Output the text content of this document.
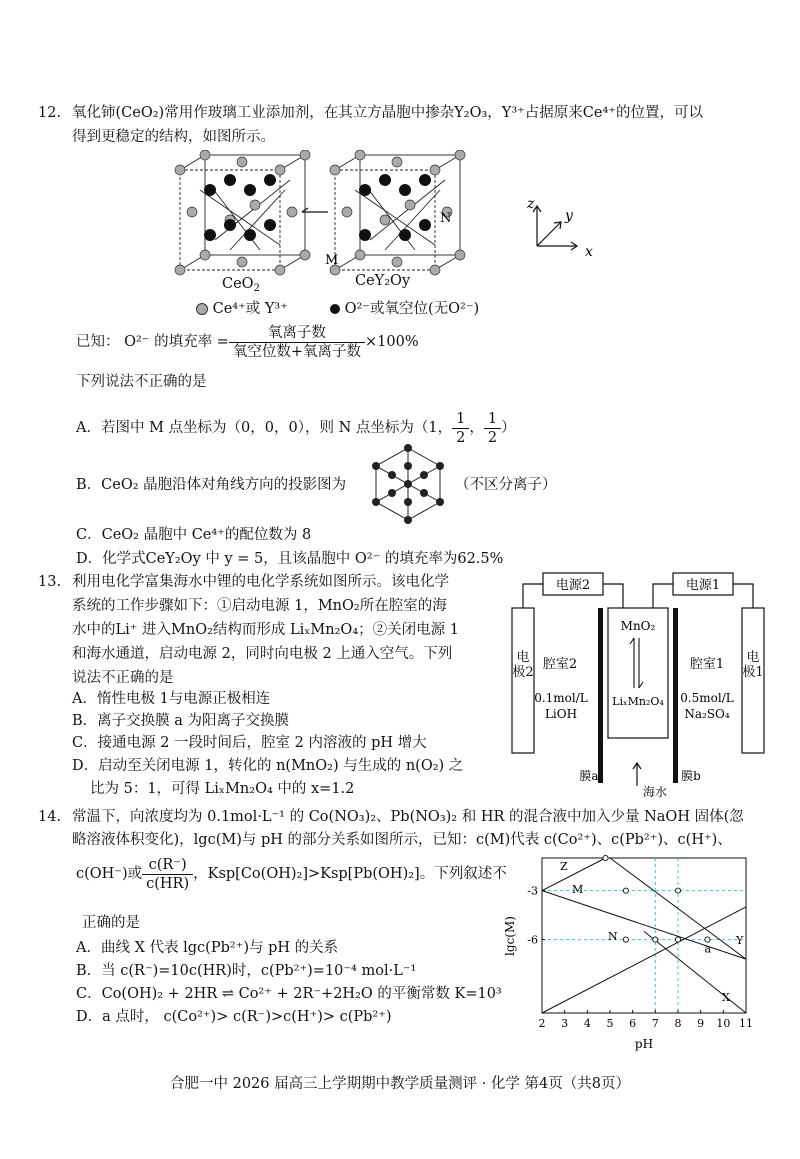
12. 氧化铈(CeO₂)常用作玻璃工业添加剂，在其立方晶胞中掺杂Y₂O₃，Y³⁺占据原来Ce⁴⁺的位置，可以
得到更稳定的结构，如图所示。
M
N
CeO$_2$	CeY₂Oy
Ce⁴⁺或 Y³⁺	O²⁻或氧空位(无O²⁻)
z
y
x
已知： O²⁻ 的填充率 = $\frac{\text{氧离子数}}{\text{氧空位数+氧离子数}} \times 100\%$
下列说法不正确的是
A．若图中 M 点坐标为（0，0，0），则 N 点坐标为（1， $\frac{1}{2}$ ， $\frac{1}{2}$ ）
B．CeO₂ 晶胞沿体对角线方向的投影图为	（不区分离子）
C．CeO₂ 晶胞中 Ce⁴⁺的配位数为 8
D．化学式CeY₂Oy 中 y = 5，且该晶胞中 O²⁻ 的填充率为62.5%
13. 利用电化学富集海水中锂的电化学系统如图所示。该电化学
系统的工作步骤如下：①启动电源 1，MnO₂所在腔室的海
水中的Li⁺ 进入MnO₂结构而形成 LiₓMn₂O₄；②关闭电源 1
和海水通道，启动电源 2，同时向电极 2 上通入空气。下列
说法不正确的是
A．惰性电极 1与电源正极相连
B．离子交换膜 a 为阳离子交换膜
C．接通电源 2 一段时间后，腔室 2 内溶液的 pH 增大
D．启动至关闭电源 1，转化的 n(MnO₂) 与生成的 n(O₂) 之
比为 5：1，可得 LiₓMn₂O₄ 中的 x=1.2
电源2	电源1
腔室2
0.1mol/L
LiOH
腔室1
0.5mol/L
Na₂SO₄
MnO₂
LiₓMn₂O₄
膜a	膜b
海水
电极2
电极1
14. 常温下，向浓度均为 0.1mol·L⁻¹ 的 Co(NO₃)₂、Pb(NO₃)₂ 和 HR 的混合液中加入少量 NaOH 固体(忽
略溶液体积变化)，lgc(M)与 pH 的部分关系如图所示，已知：c(M)代表 c(Co²⁺)、c(Pb²⁺)、c(H⁺)、
c(OH⁻)或 $\frac{c(R^-)}{c(HR)}$ ，Ksp[Co(OH)₂]>Ksp[Pb(OH)₂]。下列叙述不
正确的是
A．曲线 X 代表 lgc(Pb²⁺)与 pH 的关系
B．当 c(R⁻)=10c(HR)时，c(Pb²⁺)=10⁻⁴ mol·L⁻¹
C．Co(OH)₂ + 2HR ⇌ Co²⁺ + 2R⁻+2H₂O 的平衡常数 K=10³
D．a 点时， c(Co²⁺)> c(R⁻)>c(H⁺)> c(Pb²⁺)
a
Z
M
N	Y
X
2 3 4 5 6 7 8 9 10 11
-3
-6
pH
lgc(M)
合肥一中 2026 届高三上学期期中教学质量测评 · 化学 第4页（共8页）
